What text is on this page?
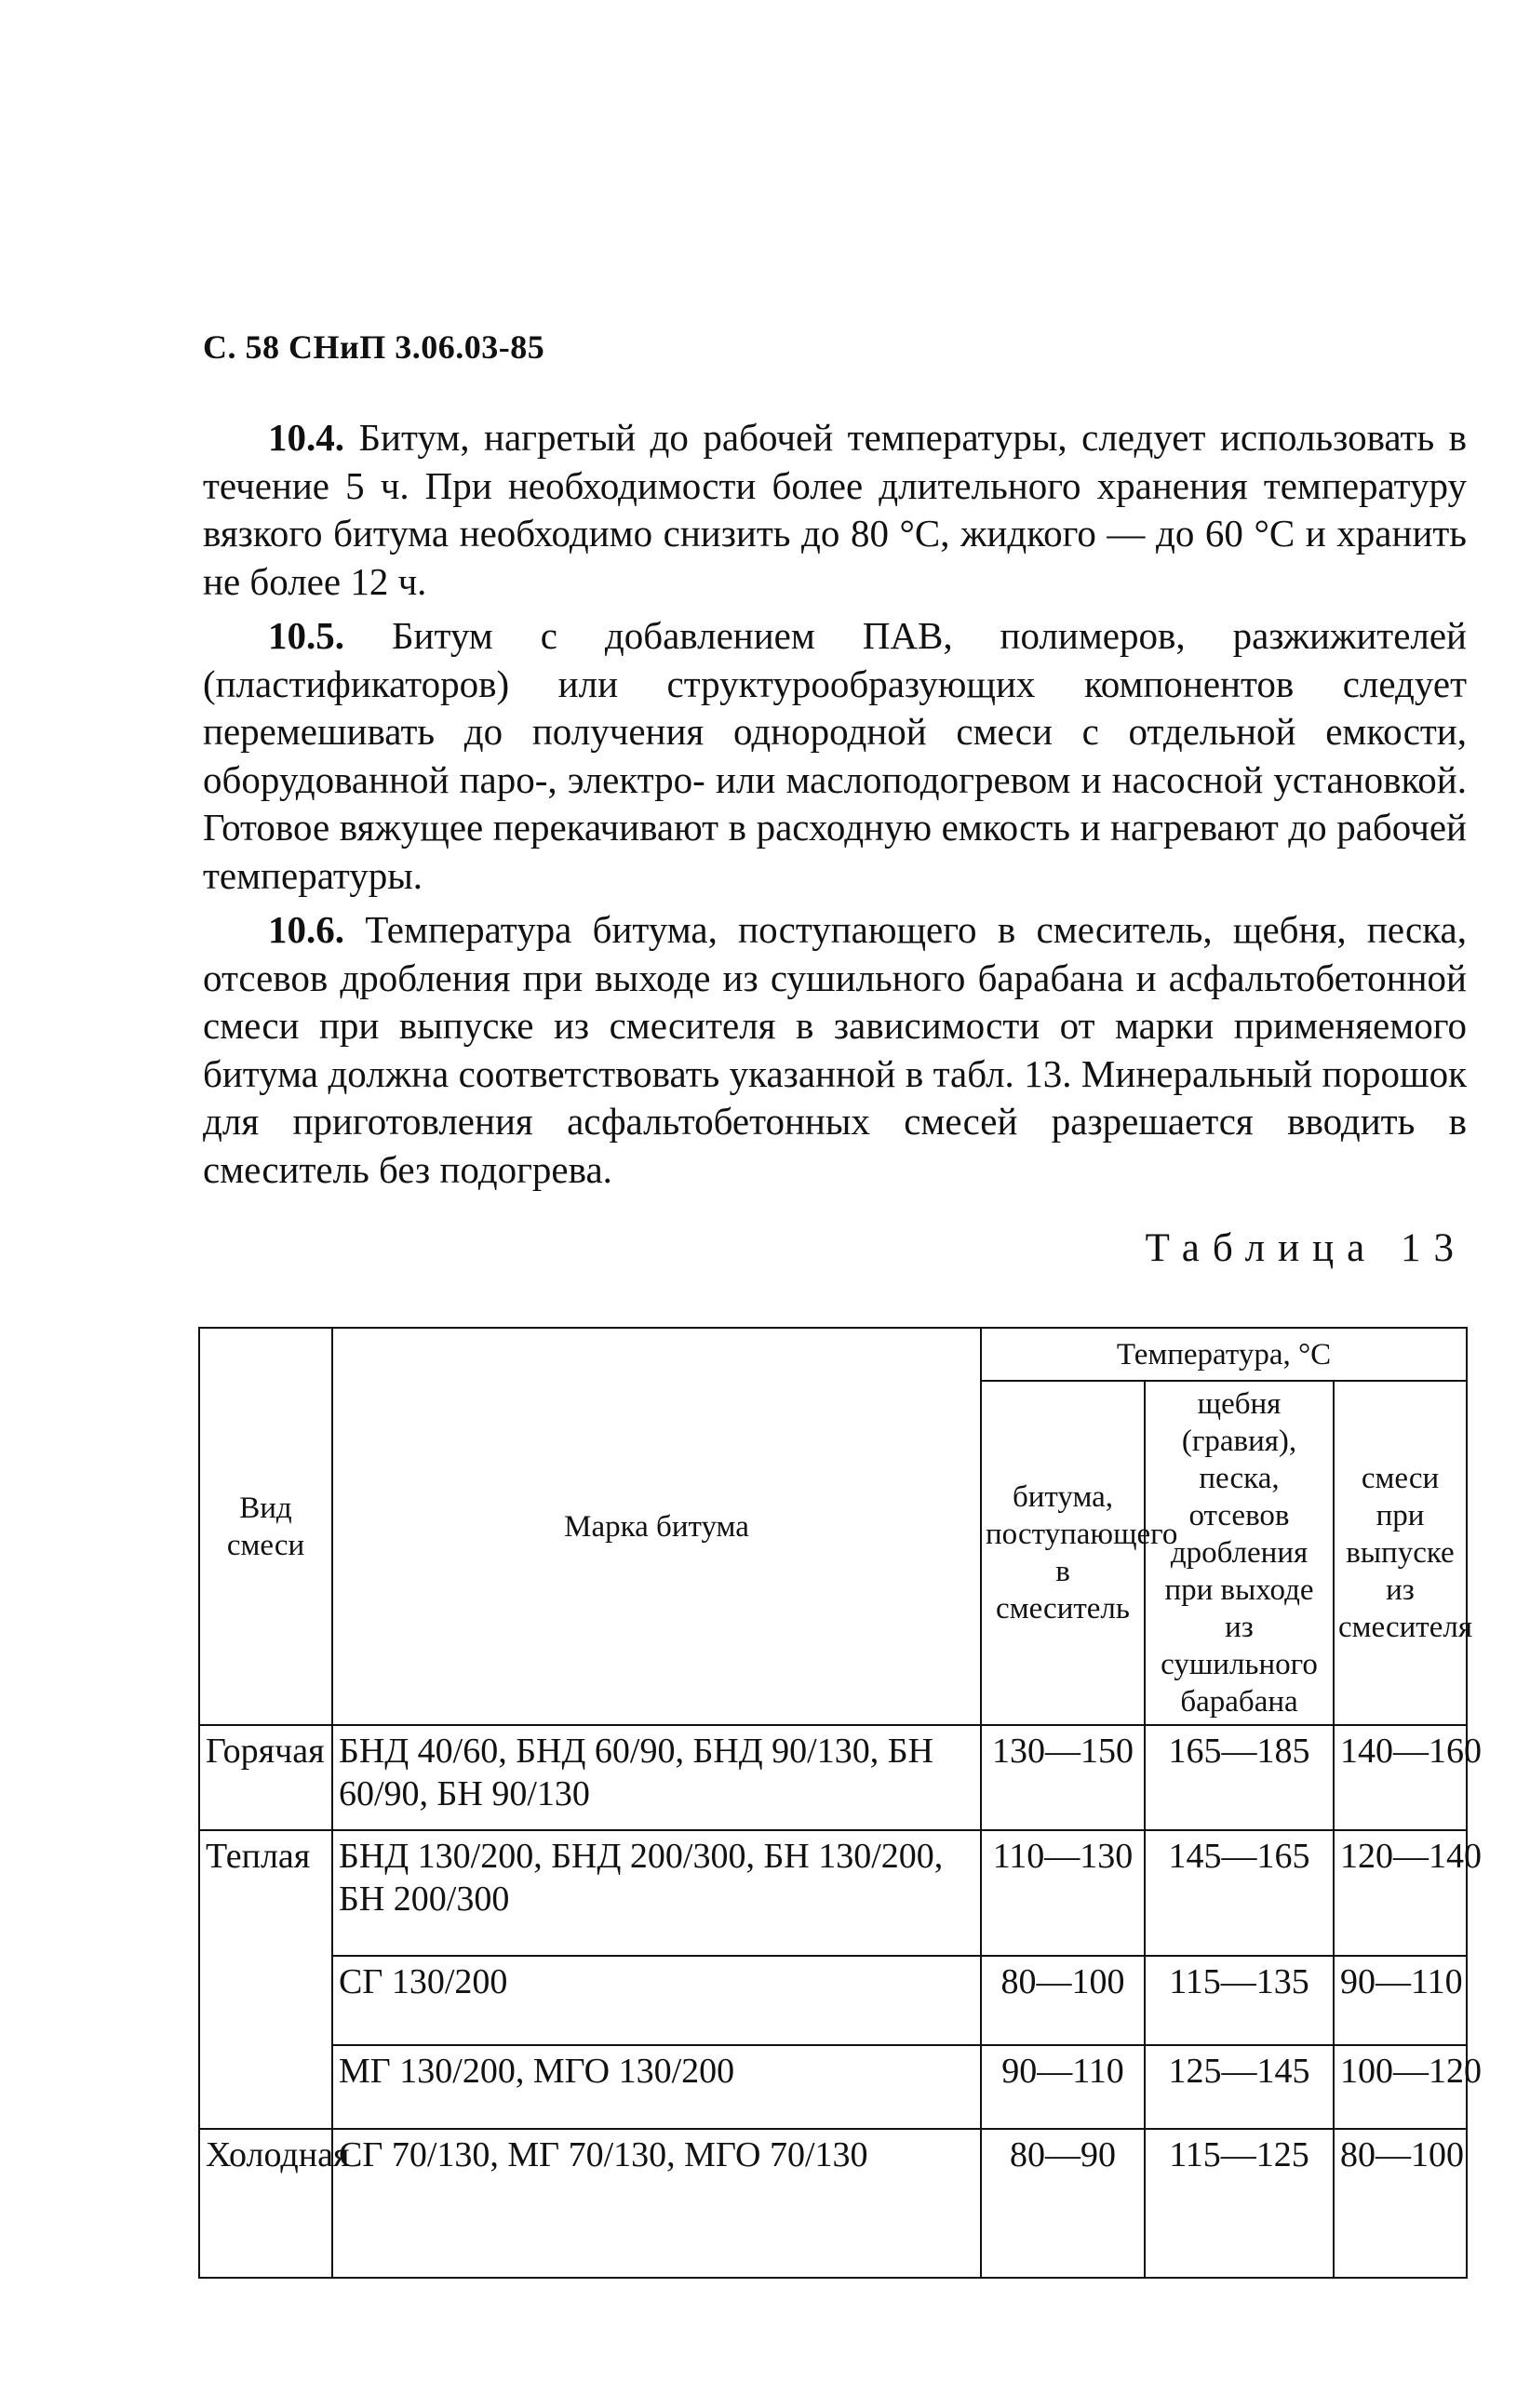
С. 58 СНиП 3.06.03-85

10.4. Битум, нагретый до рабочей температуры, следует использовать в течение 5 ч. При необходимости более длительного хранения температуру вязкого битума необходимо снизить до 80 °С, жидкого — до 60 °С и хранить не более 12 ч.

10.5. Битум с добавлением ПАВ, полимеров, разжижителей (пластификаторов) или структурообразующих компонентов следует перемешивать до получения однородной смеси с отдельной емкости, оборудованной паро-, электро- или маслоподогревом и насосной установкой. Готовое вяжущее перекачивают в расходную емкость и нагревают до рабочей температуры.

10.6. Температура битума, поступающего в смеситель, щебня, песка, отсевов дробления при выходе из сушильного барабана и асфальтобетонной смеси при выпуске из смесителя в зависимости от марки применяемого битума должна соответствовать указанной в табл. 13. Минеральный порошок для приготовления асфальтобетонных смесей разрешается вводить в смеситель без подогрева.

Таблица 13
Вид смеси	Марка битума	Температура, °С		
		битума, поступающего в смеситель	щебня (гравия), песка, отсевов дробления при выходе из сушильного барабана	смеси при выпуске из смесителя
Горячая	БНД 40/60, БНД 60/90, БНД 90/130, БН 60/90, БН 90/130	130—150	165—185	140—160
Теплая	БНД 130/200, БНД 200/300, БН 130/200, БН 200/300	110—130	145—165	120—140
	СГ 130/200	80—100	115—135	90—110
	МГ 130/200, МГО 130/200	90—110	125—145	100—120
Холодная	СГ 70/130, МГ 70/130, МГО 70/130	80—90	115—125	80—100
